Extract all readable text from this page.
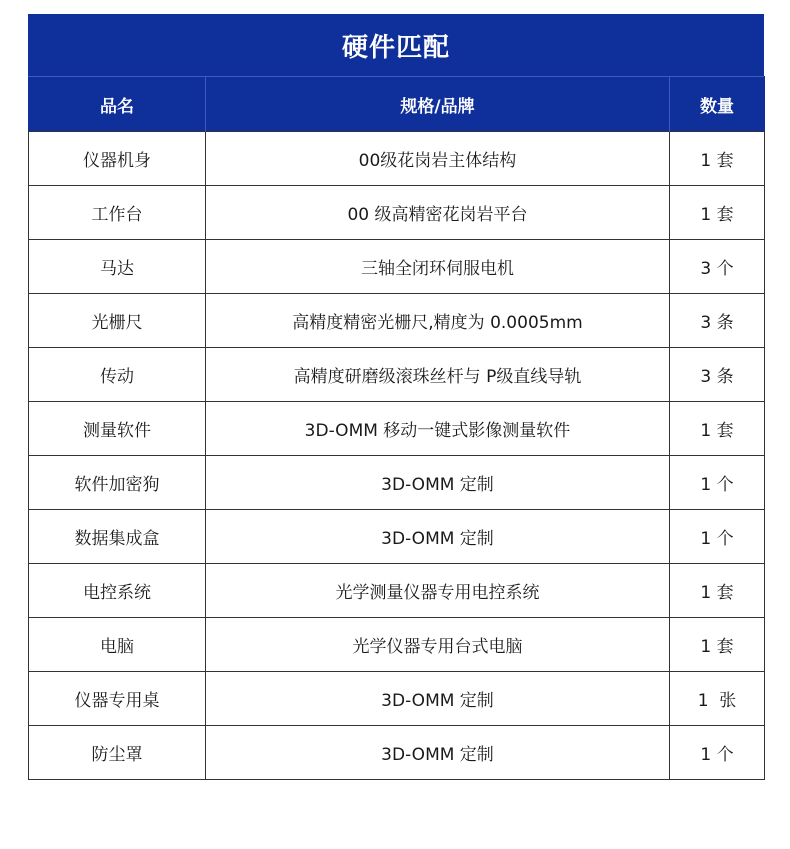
硬件匹配
品名	规格/品牌	数量
仪器机身	00级花岗岩主体结构	1 套
工作台	00 级高精密花岗岩平台	1 套
马达	三轴全闭环伺服电机	3 个
光栅尺	高精度精密光栅尺,精度为 0.0005mm	3 条
传动	高精度研磨级滚珠丝杆与 P级直线导轨	3 条
测量软件	3D-OMM 移动一键式影像测量软件	1 套
软件加密狗	3D-OMM 定制	1 个
数据集成盒	3D-OMM 定制	1 个
电控系统	光学测量仪器专用电控系统	1 套
电脑	光学仪器专用台式电脑	1 套
仪器专用桌	3D-OMM 定制	1  张
防尘罩	3D-OMM 定制	1 个
